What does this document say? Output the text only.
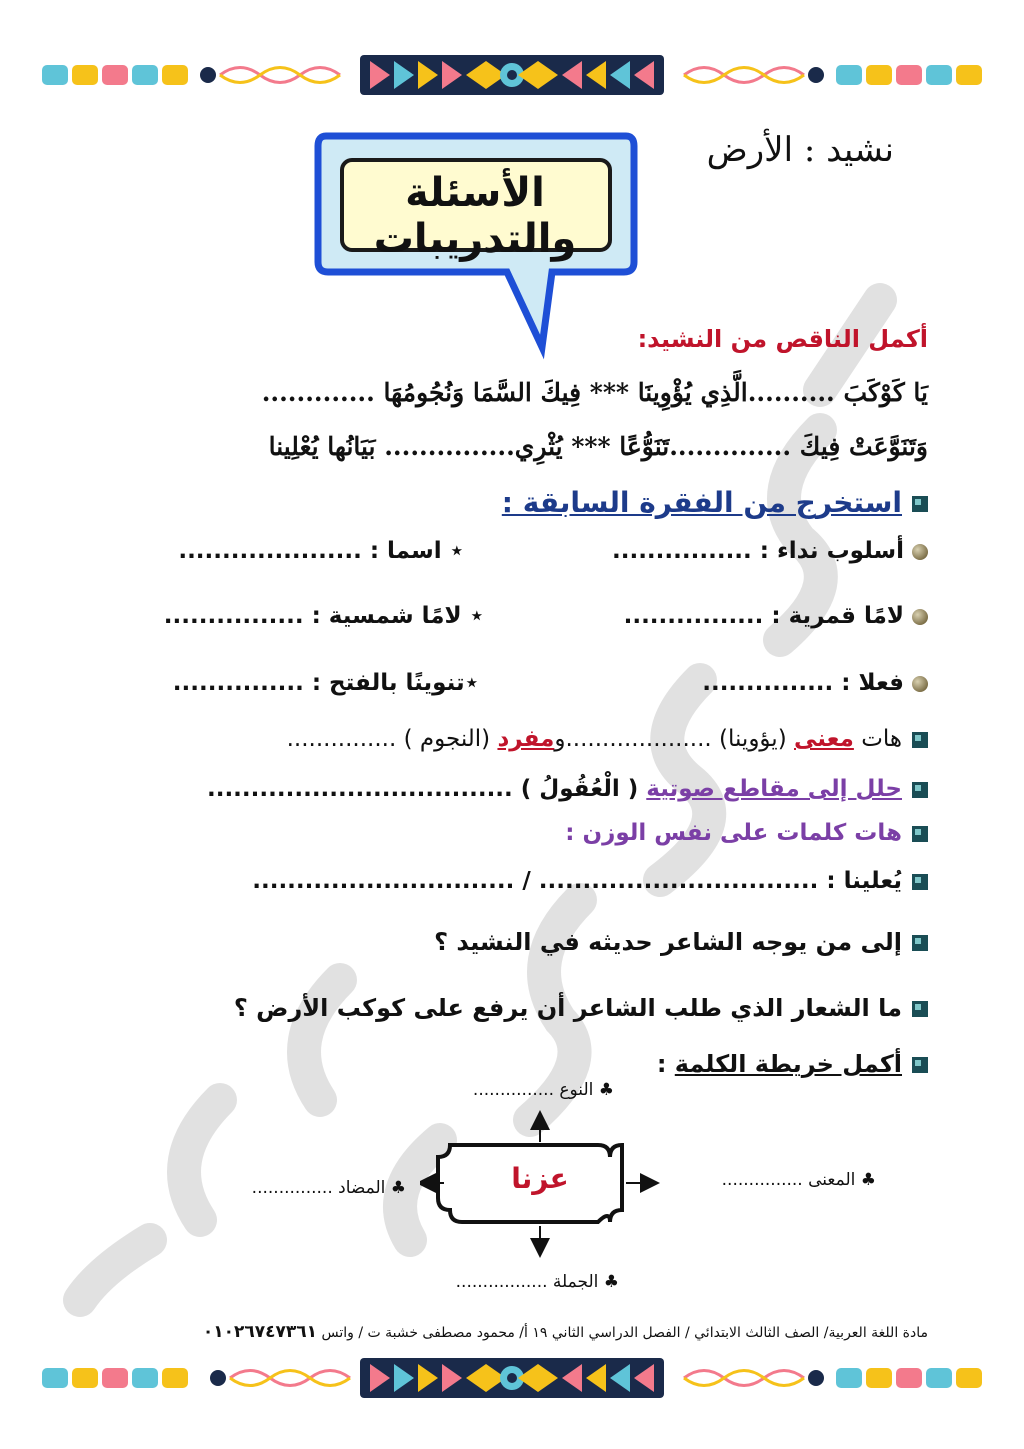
الأسئلة والتدريبات
نشيد : الأرض
أكمل الناقص من النشيد:
يَا كَوْكَبَ ..........الَّذِي يُؤْوِينَا *** فِيكَ السَّمَا وَنُجُومُهَا .............
وَتَنَوَّعَتْ فِيكَ ..............تَنَوُّعًا *** يُثْرِي............... بَيَانُها يُعْلِينا
استخرج من الفقرة السابقة :
أسلوب نداء : ................
⋆ اسما : .....................
لامًا قمرية : ................
⋆ لامًا شمسية : ................
فعلا : ...............
⋆تنوينًا بالفتح : ...............
هات معنى (يؤوينا) ....................ومفرد (النجوم ) ...............
حلل إلى مقاطع صوتية ( الْعُقُولُ ) ...................................
هات كلمات على نفس الوزن :
يُعلينا : ................................ / ..............................
إلى من يوجه الشاعر حديثه في النشيد ؟
ما الشعار الذي طلب الشاعر أن يرفع على كوكب الأرض ؟
أكمل خريطة الكلمة :
عزنا
♣ النوع ...............
♣ المعنى ...............
♣ المضاد ...............
♣ الجملة .................
مادة اللغة العربية/ الصف الثالث الابتدائي / الفصل الدراسي الثاني ١٩ أ/ محمود مصطفى خشبة ت / واتس ٠١٠٢٦٧٤٧٣٦١
